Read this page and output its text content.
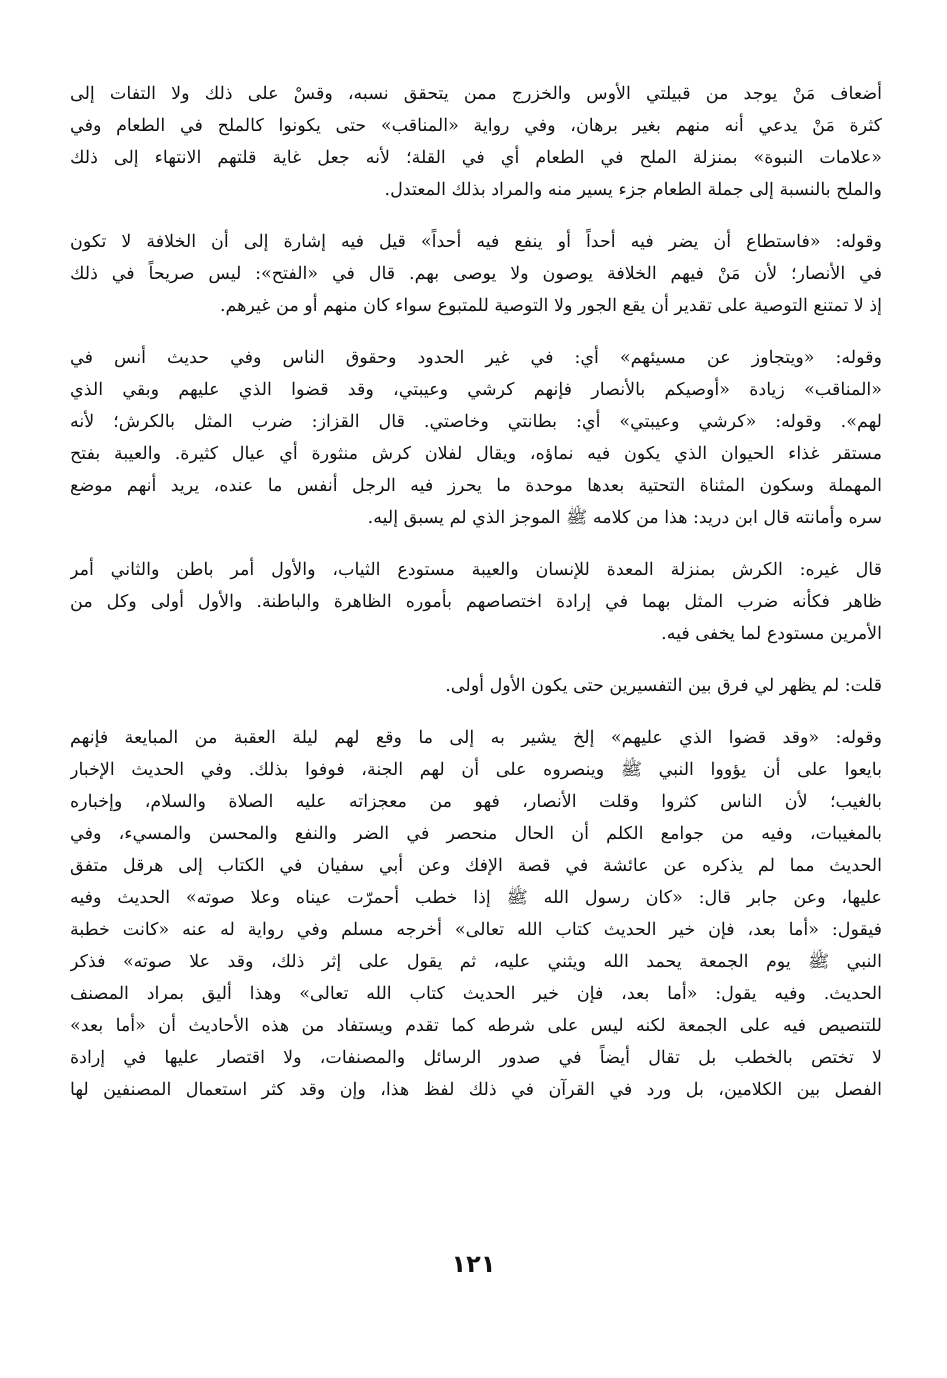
أضعاف مَنْ يوجد من قبيلتي الأوس والخزرج ممن يتحقق نسبه، وقسْ على ذلك ولا التفات إلى
كثرة مَنْ يدعي أنه منهم بغير برهان، وفي رواية «المناقب» حتى يكونوا كالملح في الطعام وفي
«علامات النبوة» بمنزلة الملح في الطعام أي في القلة؛ لأنه جعل غاية قلتهم الانتهاء إلى ذلك
والملح بالنسبة إلى جملة الطعام جزء يسير منه والمراد بذلك المعتدل.
وقوله: «فاستطاع أن يضر فيه أحداً أو ينفع فيه أحداً» قيل فيه إشارة إلى أن الخلافة لا تكون
في الأنصار؛ لأن مَنْ فيهم الخلافة يوصون ولا يوصى بهم. قال في «الفتح»: ليس صريحاً في ذلك
إذ لا تمتنع التوصية على تقدير أن يقع الجور ولا التوصية للمتبوع سواء كان منهم أو من غيرهم.
وقوله: «ويتجاوز عن مسيئهم» أي: في غير الحدود وحقوق الناس وفي حديث أنس في
«المناقب» زيادة «أوصيكم بالأنصار فإنهم كرشي وعيبتي، وقد قضوا الذي عليهم وبقي الذي
لهم». وقوله: «كرشي وعيبتي» أي: بطانتي وخاصتي. قال القزاز: ضرب المثل بالكرش؛ لأنه
مستقر غذاء الحيوان الذي يكون فيه نماؤه، ويقال لفلان كرش منثورة أي عيال كثيرة. والعيبة بفتح
المهملة وسكون المثناة التحتية بعدها موحدة ما يحرز فيه الرجل أنفس ما عنده، يريد أنهم موضع
سره وأمانته قال ابن دريد: هذا من كلامه ﷺ الموجز الذي لم يسبق إليه.
قال غيره: الكرش بمنزلة المعدة للإنسان والعيبة مستودع الثياب، والأول أمر باطن والثاني أمر
ظاهر فكأنه ضرب المثل بهما في إرادة اختصاصهم بأموره الظاهرة والباطنة. والأول أولى وكل من
الأمرين مستودع لما يخفى فيه.
قلت: لم يظهر لي فرق بين التفسيرين حتى يكون الأول أولى.
وقوله: «وقد قضوا الذي عليهم» إلخ يشير به إلى ما وقع لهم ليلة العقبة من المبايعة فإنهم
بايعوا على أن يؤووا النبي ﷺ وينصروه على أن لهم الجنة، فوفوا بذلك. وفي الحديث الإخبار
بالغيب؛ لأن الناس كثروا وقلت الأنصار، فهو من معجزاته عليه الصلاة والسلام، وإخباره
بالمغيبات، وفيه من جوامع الكلم أن الحال منحصر في الضر والنفع والمحسن والمسيء، وفي
الحديث مما لم يذكره عن عائشة في قصة الإفك وعن أبي سفيان في الكتاب إلى هرقل متفق
عليها، وعن جابر قال: «كان رسول الله ﷺ إذا خطب أحمرّت عيناه وعلا صوته» الحديث وفيه
فيقول: «أما بعد، فإن خير الحديث كتاب الله تعالى» أخرجه مسلم وفي رواية له عنه «كانت خطبة
النبي ﷺ يوم الجمعة يحمد الله ويثني عليه، ثم يقول على إثر ذلك، وقد علا صوته» فذكر
الحديث. وفيه يقول: «أما بعد، فإن خير الحديث كتاب الله تعالى» وهذا أليق بمراد المصنف
للتنصيص فيه على الجمعة لكنه ليس على شرطه كما تقدم ويستفاد من هذه الأحاديث أن «أما بعد»
لا تختص بالخطب بل تقال أيضاً في صدور الرسائل والمصنفات، ولا اقتصار عليها في إرادة
الفصل بين الكلامين، بل ورد في القرآن في ذلك لفظ هذا، وإن وقد كثر استعمال المصنفين لها
١٢١
